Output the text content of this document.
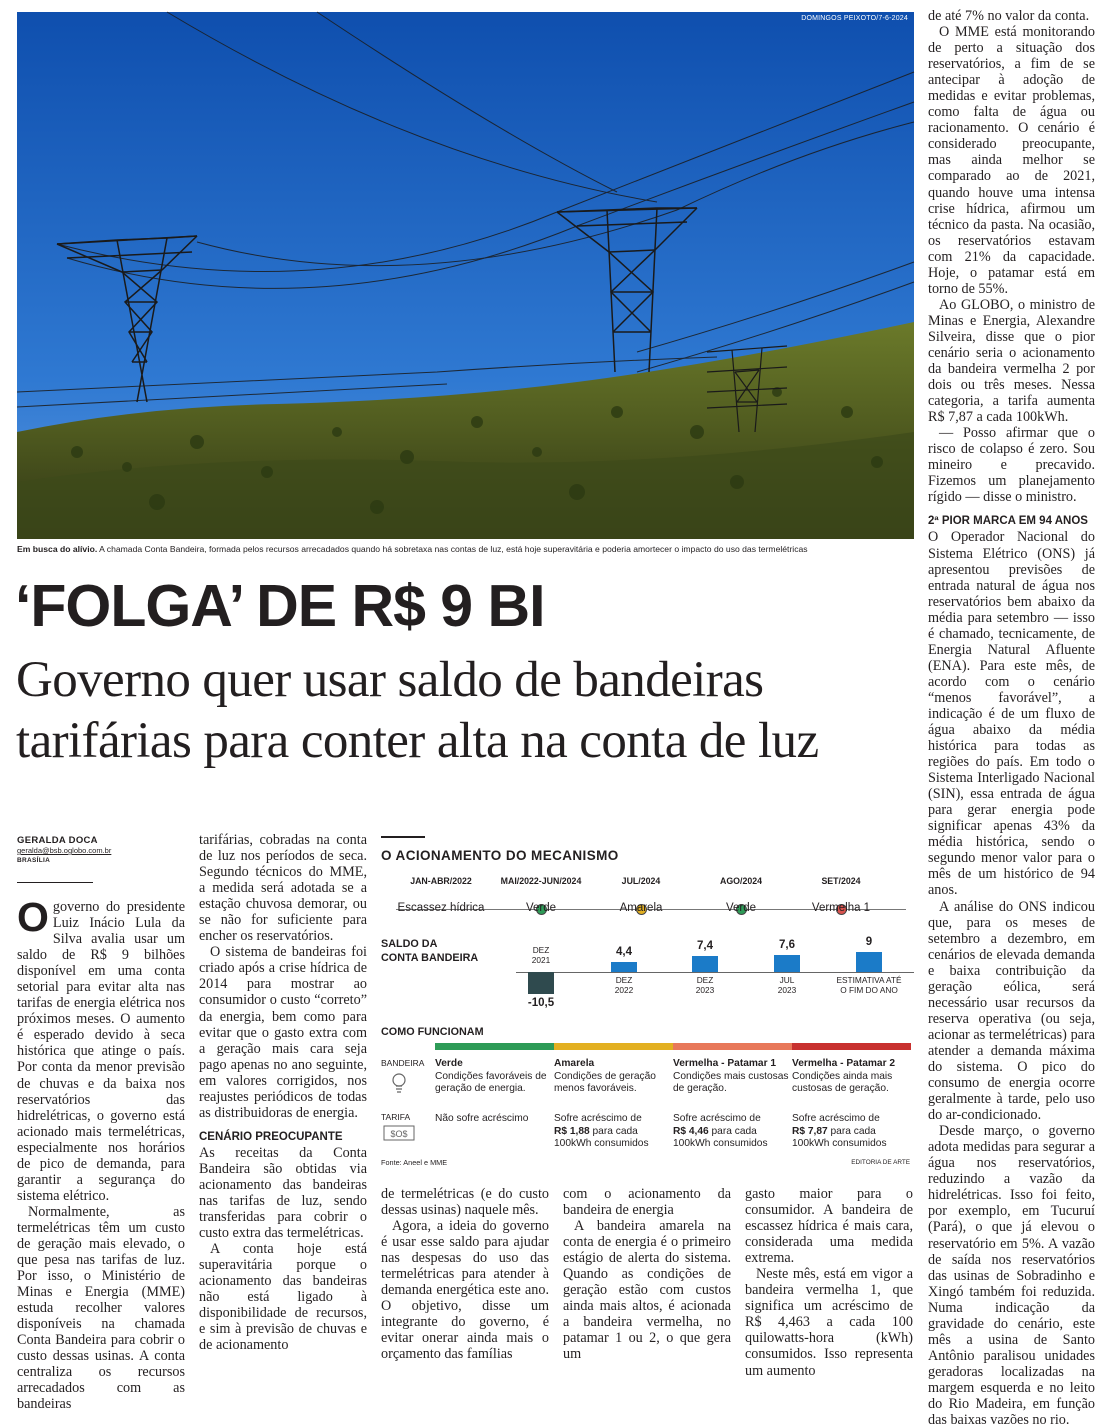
DOMINGOS PEIXOTO/7-6-2024
Em busca do alívio. A chamada Conta Bandeira, formada pelos recursos arrecadados quando há sobretaxa nas contas de luz, está hoje superavitária e poderia amortecer o impacto do uso das termelétricas
‘FOLGA’ DE R$ 9 BI
Governo quer usar saldo de bandeiras tarifárias para conter alta na conta de luz
GERALDA DOCA
geralda@bsb.oglobo.com.br
BRASÍLIA

Ogoverno do presidente Luiz Inácio Lula da Silva avalia usar um saldo de R$ 9 bilhões disponível em uma conta setorial para evitar alta nas tarifas de energia elétrica nos próximos meses. O aumento é esperado devido à seca histórica que atinge o país. Por conta da menor previsão de chuvas e da baixa nos reservatórios das hidrelétricas, o governo está acionado mais termelétricas, especialmente nos horários de pico de demanda, para garantir a segurança do sistema elétrico.

Normalmente, as termelétricas têm um custo de geração mais elevado, o que pesa nas tarifas de luz. Por isso, o Ministério de Minas e Energia (MME) estuda recolher valores disponíveis na chamada Conta Bandeira para cobrir o custo dessas usinas. A conta centraliza os recursos arrecadados com as bandeiras

tarifárias, cobradas na conta de luz nos períodos de seca. Segundo técnicos do MME, a medida será adotada se a estação chuvosa demorar, ou se não for suficiente para encher os reservatórios.

O sistema de bandeiras foi criado após a crise hídrica de 2014 para mostrar ao consumidor o custo “correto” da energia, bem como para evitar que o gasto extra com a geração mais cara seja pago apenas no ano seguinte, em valores corrigidos, nos reajustes periódicos de todas as distribuidoras de energia.

CENÁRIO PREOCUPANTE

As receitas da Conta Bandeira são obtidas via acionamento das bandeiras nas tarifas de luz, sendo transferidas para cobrir o custo extra das termelétricas.

A conta hoje está superavitária porque o acionamento das bandeiras não está ligado à disponibilidade de recursos, e sim à previsão de chuvas e de acionamento

O ACIONAMENTO DO MECANISMO
JAN-ABR/2022
Escassez hídrica
MAI/2022-JUN/2024
Verde
JUL/2024
Amarela
AGO/2024
Verde
SET/2024
Vermelha 1
SALDO DA
CONTA BANDEIRA
-10,5
DEZ
2021
4,4
DEZ
2022
7,4
DEZ
2023
7,6
JUL
2023
9
ESTIMATIVA ATÉ
O FIM DO ANO
COMO FUNCIONAM
BANDEIRA
TARIFA
$O$
Verde
Condições favoráveis de geração de energia.
Não sofre acréscimo
Amarela
Condições de geração menos favoráveis.
Sofre acréscimo de
R$ 1,88 para cada 100kWh consumidos
Vermelha - Patamar 1
Condições mais custosas de geração.
Sofre acréscimo de
R$ 4,46 para cada 100kWh consumidos
Vermelha - Patamar 2
Condições ainda mais custosas de geração.
Sofre acréscimo de
R$ 7,87 para cada 100kWh consumidos
Fonte: Aneel e MME	EDITORIA DE ARTE

de termelétricas (e do custo dessas usinas) naquele mês.

Agora, a ideia do governo é usar esse saldo para ajudar nas despesas do uso das termelétricas para atender à demanda energética este ano. O objetivo, disse um integrante do governo, é evitar onerar ainda mais o orçamento das famílias

com o acionamento da bandeira de energia

A bandeira amarela na conta de energia é o primeiro estágio de alerta do sistema. Quando as condições de geração estão com custos ainda mais altos, é acionada a bandeira vermelha, no patamar 1 ou 2, o que gera um

gasto maior para o consumidor. A bandeira de escassez hídrica é mais cara, considerada uma medida extrema.

Neste mês, está em vigor a bandeira vermelha 1, que significa um acréscimo de R$ 4,463 a cada 100 quilowatts-hora (kWh) consumidos. Isso representa um aumento

de até 7% no valor da conta.

O MME está monitorando de perto a situação dos reservatórios, a fim de se antecipar à adoção de medidas e evitar problemas, como falta de água ou racionamento. O cenário é considerado preocupante, mas ainda melhor se comparado ao de 2021, quando houve uma intensa crise hídrica, afirmou um técnico da pasta. Na ocasião, os reservatórios estavam com 21% da capacidade. Hoje, o patamar está em torno de 55%.

Ao GLOBO, o ministro de Minas e Energia, Alexandre Silveira, disse que o pior cenário seria o acionamento da bandeira vermelha 2 por dois ou três meses. Nessa categoria, a tarifa aumenta R$ 7,87 a cada 100kWh.

— Posso afirmar que o risco de colapso é zero. Sou mineiro e precavido. Fizemos um planejamento rígido — disse o ministro.

2ª PIOR MARCA EM 94 ANOS

O Operador Nacional do Sistema Elétrico (ONS) já apresentou previsões de entrada natural de água nos reservatórios bem abaixo da média para setembro — isso é chamado, tecnicamente, de Energia Natural Afluente (ENA). Para este mês, de acordo com o cenário “menos favorável”, a indicação é de um fluxo de água abaixo da média histórica para todas as regiões do país. Em todo o Sistema Interligado Nacional (SIN), essa entrada de água para gerar energia pode significar apenas 43% da média histórica, sendo o segundo menor valor para o mês de um histórico de 94 anos.

A análise do ONS indicou que, para os meses de setembro a dezembro, em cenários de elevada demanda e baixa contribuição da geração eólica, será necessário usar recursos da reserva operativa (ou seja, acionar as termelétricas) para atender a demanda máxima do sistema. O pico do consumo de energia ocorre geralmente à tarde, pelo uso do ar-condicionado.

Desde março, o governo adota medidas para segurar a água nos reservatórios, reduzindo a vazão da hidrelétricas. Isso foi feito, por exemplo, em Tucuruí (Pará), o que já elevou o reservatório em 5%. A vazão de saída nos reservatórios das usinas de Sobradinho e Xingó também foi reduzida. Numa indicação da gravidade do cenário, este mês a usina de Santo Antônio paralisou unidades geradoras localizadas na margem esquerda e no leito do Rio Madeira, em função das baixas vazões no rio.
